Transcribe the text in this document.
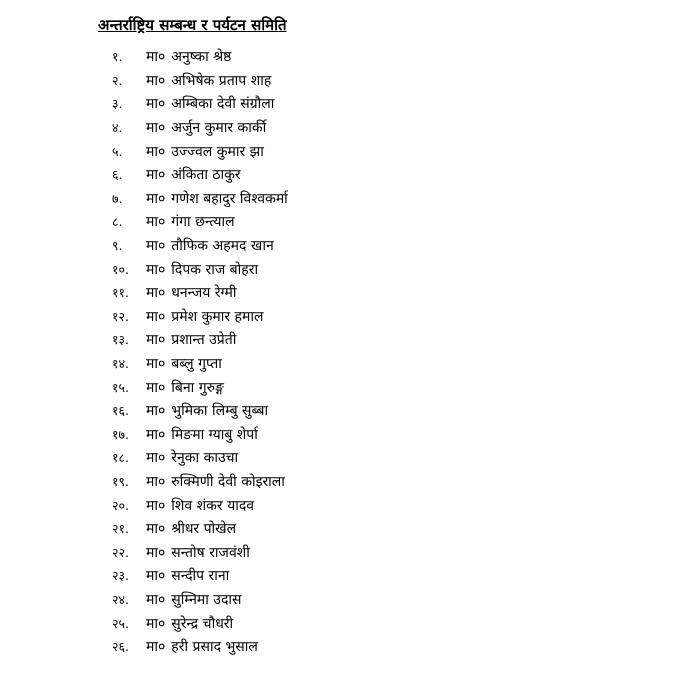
अन्तर्राष्ट्रिय सम्बन्ध र पर्यटन समिति
१.	मा० अनुष्का श्रेष्ठ
२.	मा० अभिषेक प्रताप शाह
३.	मा० अम्बिका देवी संग्रौला
४.	मा० अर्जुन कुमार कार्की
५.	मा० उज्ज्वल कुमार झा
६.	मा० अंकिता ठाकुर
७.	मा० गणेश बहादुर विश्वकर्मा
८.	मा० गंगा छन्त्याल
९.	मा० तौफिक अहमद खान
१०.	मा० दिपक राज बोहरा
११.	मा० धनन्जय रेग्मी
१२.	मा० प्रमेश कुमार हमाल
१३.	मा० प्रशान्त उप्रेती
१४.	मा० बब्लु गुप्ता
१५.	मा० बिना गुरुङ्ग
१६.	मा० भुमिका लिम्बु सुब्बा
१७.	मा० मिङमा ग्याबु शेर्पा
१८.	मा० रेनुका काउचा
१९.	मा० रुक्मिणी देवी कोइराला
२०.	मा० शिव शंकर यादव
२१.	मा० श्रीधर पोखेल
२२.	मा० सन्तोष राजवंशी
२३.	मा० सन्दीप राना
२४.	मा० सुम्निमा उदास
२५.	मा० सुरेन्द्र चौधरी
२६.	मा० हरी प्रसाद भुसाल
